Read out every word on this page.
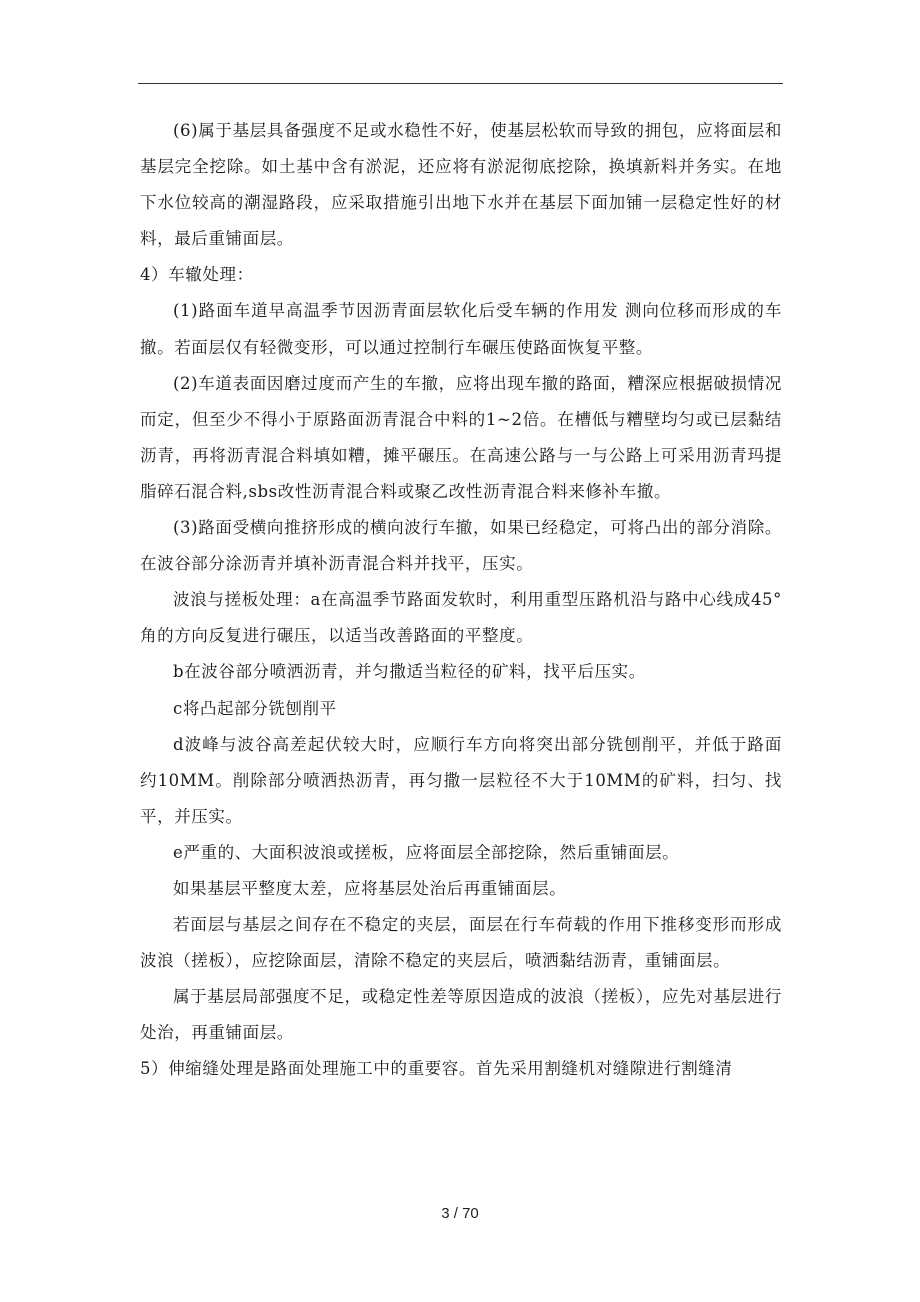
(6)属于基层具备强度不足或水稳性不好，使基层松软而导致的拥包，应将面层和基层完全挖除。如土基中含有淤泥，还应将有淤泥彻底挖除，换填新料并务实。在地下水位较高的潮湿路段，应采取措施引出地下水并在基层下面加铺一层稳定性好的材料，最后重铺面层。

4）车辙处理：

(1)路面车道早高温季节因沥青面层软化后受车辆的作用发 测向位移而形成的车撤。若面层仅有轻微变形，可以通过控制行车碾压使路面恢复平整。

(2)车道表面因磨过度而产生的车撤，应将出现车撤的路面，糟深应根据破损情况而定，但至少不得小于原路面沥青混合中料的1~2倍。在槽低与糟壁均匀或已层黏结沥青，再将沥青混合料填如糟，摊平碾压。在高速公路与一与公路上可采用沥青玛提脂碎石混合料,sbs改性沥青混合料或聚乙改性沥青混合料来修补车撤。

(3)路面受横向推挤形成的横向波行车撤，如果已经稳定，可将凸出的部分消除。在波谷部分涂沥青并填补沥青混合料并找平，压实。

波浪与搓板处理：a在高温季节路面发软时，利用重型压路机沿与路中心线成45°角的方向反复进行碾压，以适当改善路面的平整度。

b在波谷部分喷洒沥青，并匀撒适当粒径的矿料，找平后压实。

c将凸起部分铣刨削平

d波峰与波谷高差起伏较大时，应顺行车方向将突出部分铣刨削平，并低于路面约10MM。削除部分喷洒热沥青，再匀撒一层粒径不大于10MM的矿料，扫匀、找平，并压实。

e严重的、大面积波浪或搓板，应将面层全部挖除，然后重铺面层。

如果基层平整度太差，应将基层处治后再重铺面层。

若面层与基层之间存在不稳定的夹层，面层在行车荷载的作用下推移变形而形成波浪（搓板），应挖除面层，清除不稳定的夹层后，喷洒黏结沥青，重铺面层。

属于基层局部强度不足，或稳定性差等原因造成的波浪（搓板），应先对基层进行处治，再重铺面层。

5）伸缩缝处理是路面处理施工中的重要容。首先采用割缝机对缝隙进行割缝清

3 / 70
